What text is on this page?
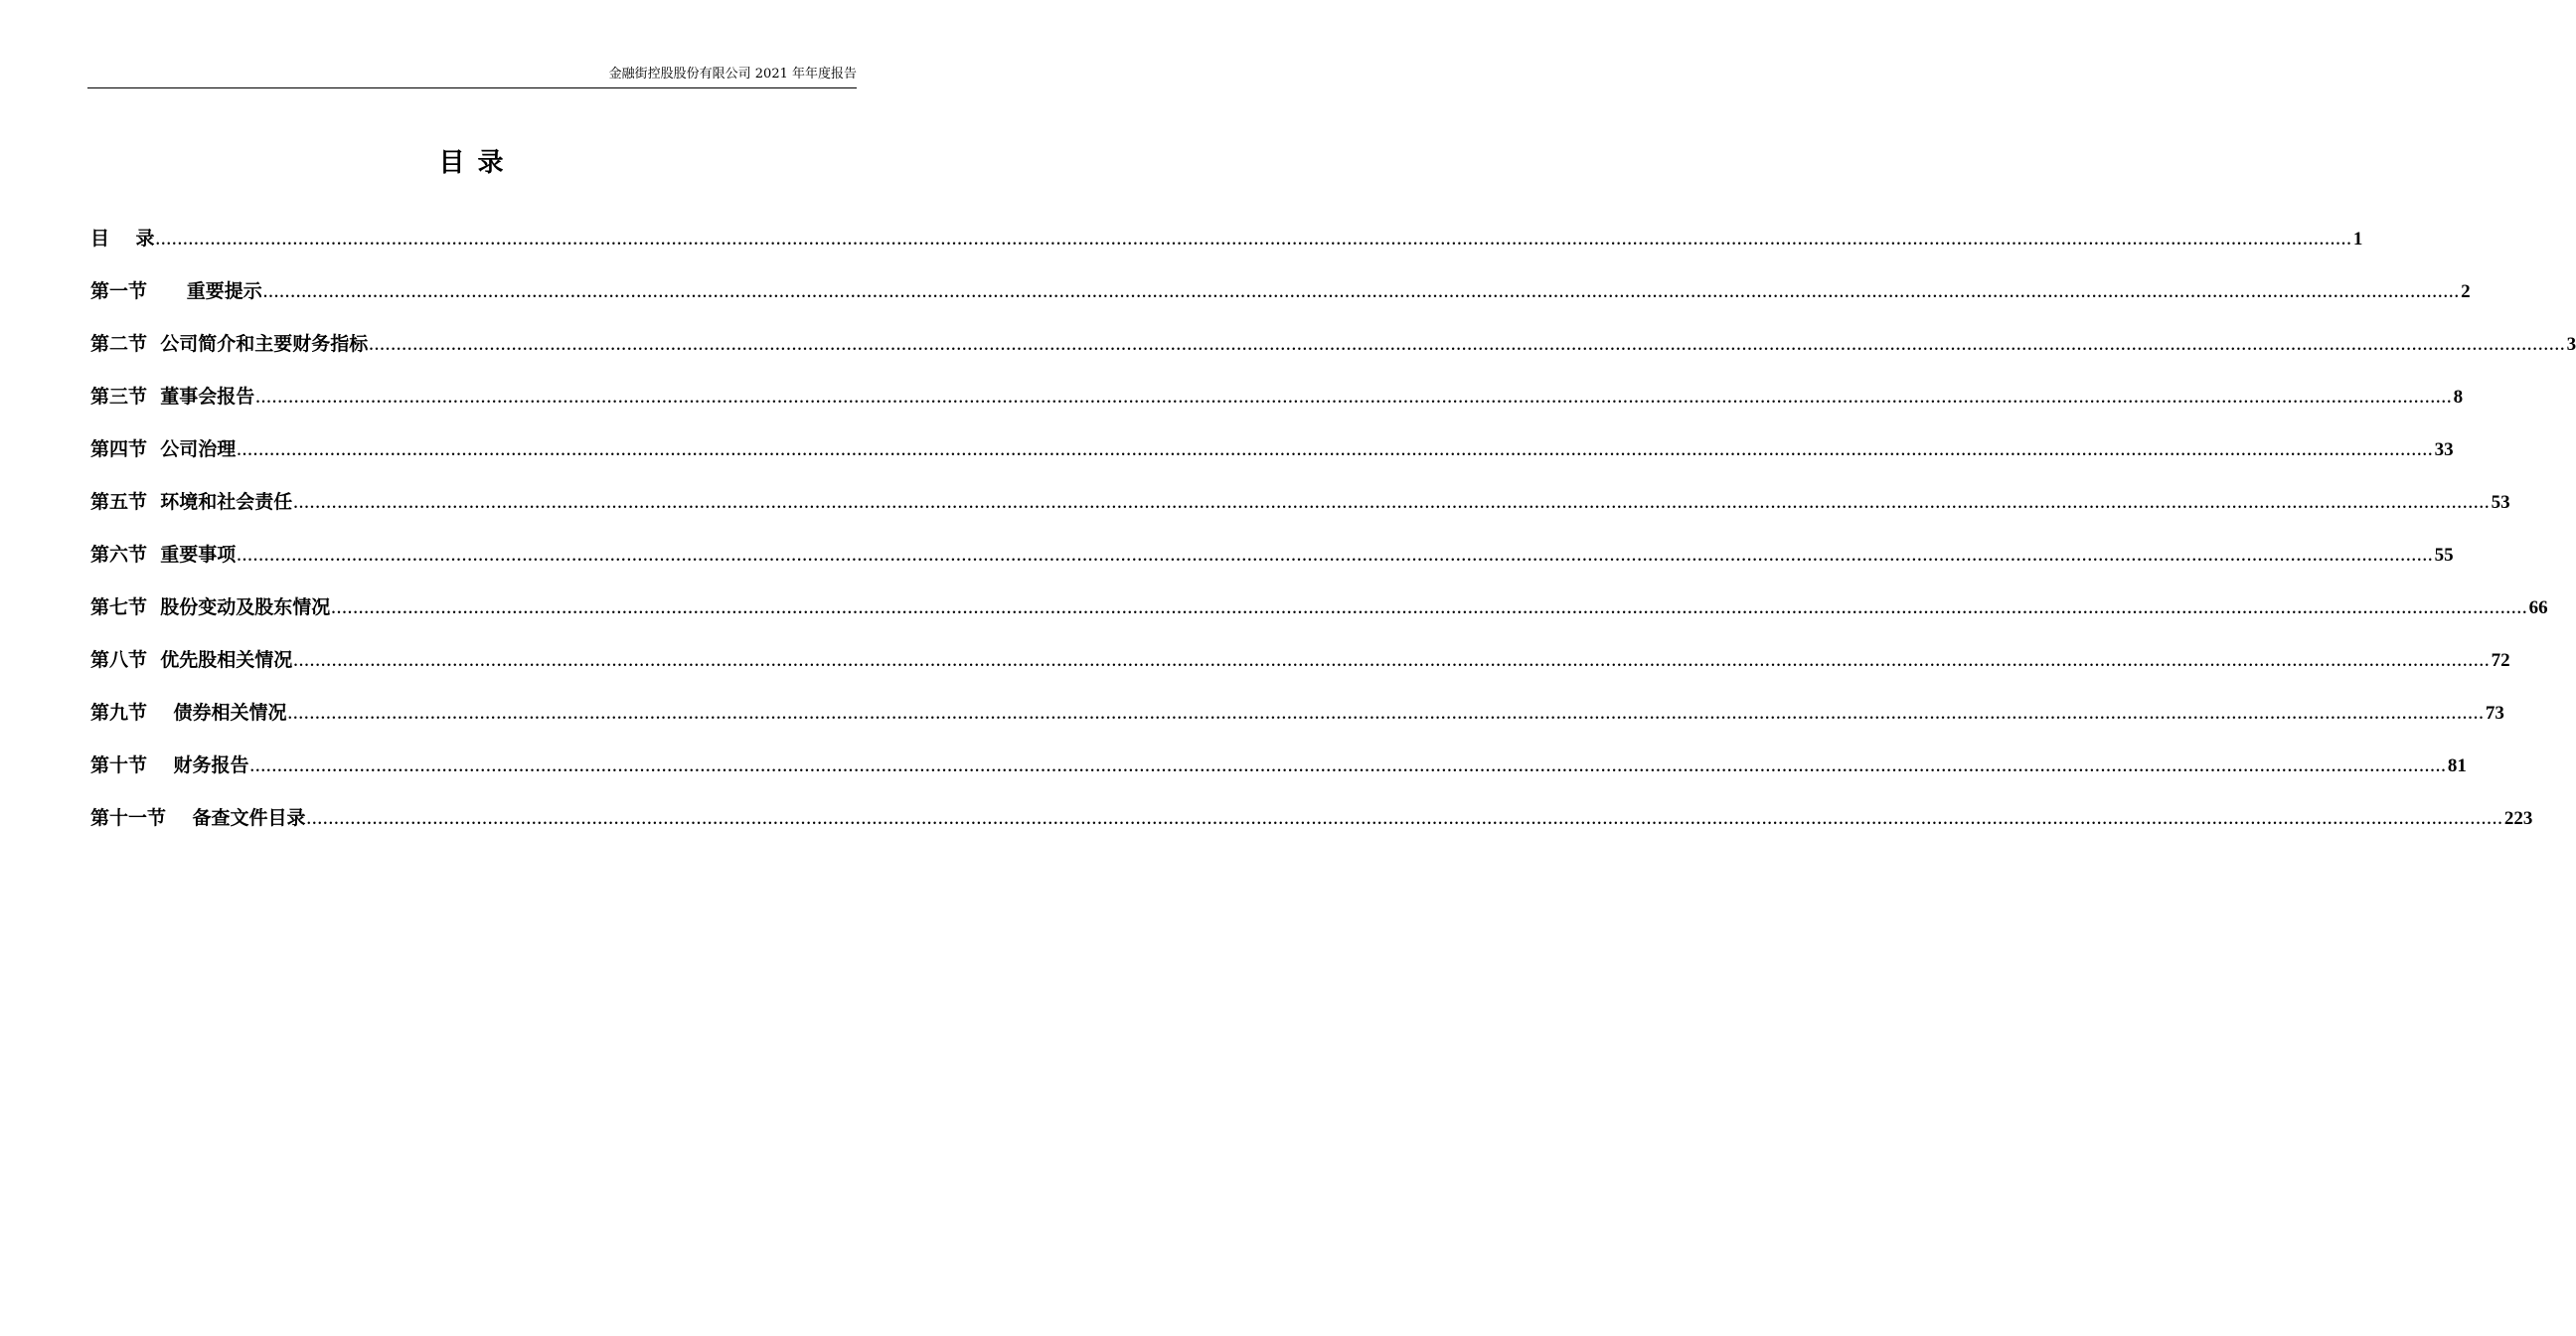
金融街控股股份有限公司 2021 年年度报告
目 录
目    录 ................................................................................................................................................................................................................................................................................................................................................................................................................ 1
第一节      重要提示 ................................................................................................................................................................................................................................................................................................................................................................................................................ 2
第二节  公司简介和主要财务指标 ................................................................................................................................................................................................................................................................................................................................................................................................................ 3
第三节  董事会报告 ................................................................................................................................................................................................................................................................................................................................................................................................................ 8
第四节  公司治理 ................................................................................................................................................................................................................................................................................................................................................................................................................ 33
第五节  环境和社会责任 ................................................................................................................................................................................................................................................................................................................................................................................................................ 53
第六节  重要事项 ................................................................................................................................................................................................................................................................................................................................................................................................................ 55
第七节  股份变动及股东情况 ................................................................................................................................................................................................................................................................................................................................................................................................................ 66
第八节  优先股相关情况 ................................................................................................................................................................................................................................................................................................................................................................................................................ 72
第九节    债券相关情况 ................................................................................................................................................................................................................................................................................................................................................................................................................ 73
第十节    财务报告 ................................................................................................................................................................................................................................................................................................................................................................................................................ 81
第十一节    备查文件目录 ................................................................................................................................................................................................................................................................................................................................................................................................................ 223
